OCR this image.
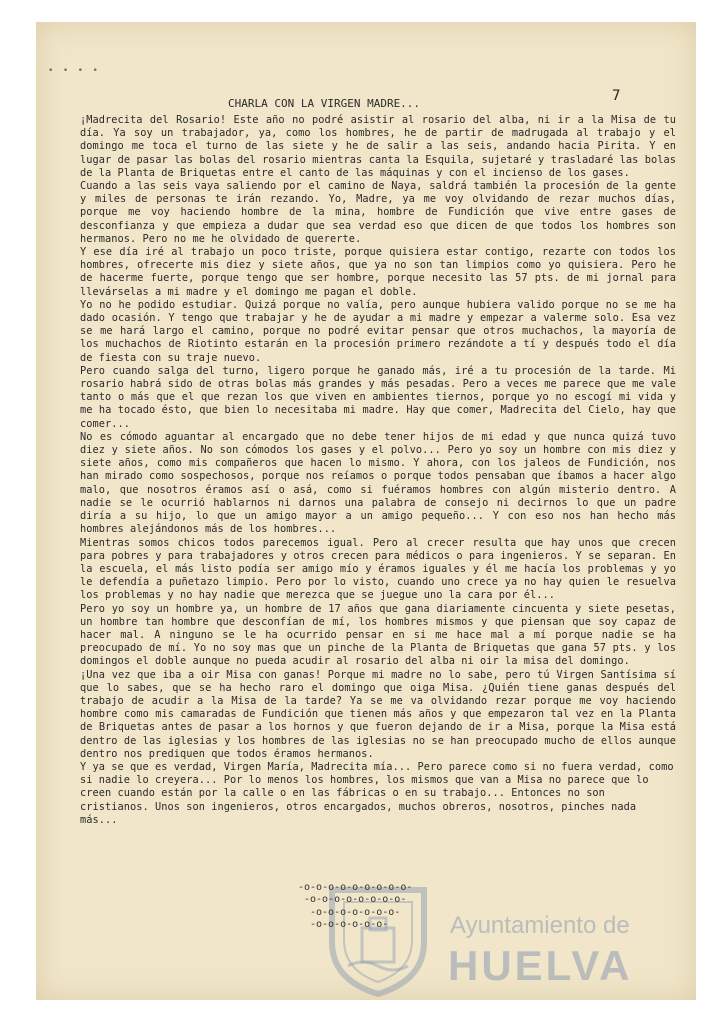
• • • •
7
CHARLA CON LA VIRGEN MADRE...

¡Madrecita del Rosario! Este año no podré asistir al rosario del alba, ni ir a la Misa de tu día. Ya soy un trabajador, ya, como los hombres, he de partir de madrugada al trabajo y el domingo me toca el turno de las siete y he de salir a las seis, andando hacia Pirita. Y en lugar de pasar las bolas del rosario mientras canta la Esquila, sujetaré y trasladaré las bolas de la Planta de Briquetas entre el canto de las máquinas y con el incienso de los gases.

Cuando a las seis vaya saliendo por el camino de Naya, saldrá también la procesión de la gente y miles de personas te irán rezando. Yo, Madre, ya me voy olvidando de rezar muchos días, porque me voy haciendo hombre de la mina, hombre de Fundición que vive entre gases de desconfianza y que empieza a dudar que sea verdad eso que dicen de que todos los hombres son hermanos. Pero no me he olvidado de quererte.

Y ese día iré al trabajo un poco triste, porque quisiera estar contigo, rezarte con todos los hombres, ofrecerte mis diez y siete años, que ya no son tan limpios como yo quisiera. Pero he de hacerme fuerte, porque tengo que ser hombre, porque necesito las 57 pts. de mi jornal para llevárselas a mi madre y el domingo me pagan el doble.

Yo no he podido estudiar. Quizá porque no valía, pero aunque hubiera valido porque no se me ha dado ocasión. Y tengo que trabajar y he de ayudar a mi madre y empezar a valerme solo. Esa vez se me hará largo el camino, porque no podré evitar pensar que otros muchachos, la mayoría de los muchachos de Riotinto estarán en la procesión primero rezándote a tí y después todo el día de fiesta con su traje nuevo.

Pero cuando salga del turno, ligero porque he ganado más, iré a tu procesión de la tarde. Mi rosario habrá sido de otras bolas más grandes y más pesadas. Pero a veces me parece que me vale tanto o más que el que rezan los que viven en ambientes tiernos, porque yo no escogí mi vida y me ha tocado ésto, que bien lo necesitaba mi madre. Hay que comer, Madrecita del Cielo, hay que comer...

No es cómodo aguantar al encargado que no debe tener hijos de mi edad y que nunca quizá tuvo diez y siete años. No son cómodos los gases y el polvo... Pero yo soy un hombre con mis diez y siete años, como mis compañeros que hacen lo mismo. Y ahora, con los jaleos de Fundición, nos han mirado como sospechosos, porque nos reíamos o porque todos pensaban que íbamos a hacer algo malo, que nosotros éramos así o asá, como si fuéramos hombres con algún misterio dentro. A nadie se le ocurrió hablarnos ni darnos una palabra de consejo ni decirnos lo que un padre diría a su hijo, lo que un amigo mayor a un amigo pequeño... Y con eso nos han hecho más hombres alejándonos más de los hombres...

Mientras somos chicos todos parecemos igual. Pero al crecer resulta que hay unos que crecen para pobres y para trabajadores y otros crecen para médicos o para ingenieros. Y se separan. En la escuela, el más listo podía ser amigo mío y éramos iguales y él me hacía los problemas y yo le defendía a puñetazo limpio. Pero por lo visto, cuando uno crece ya no hay quien le resuelva los problemas y no hay nadie que merezca que se juegue uno la cara por él...

Pero yo soy un hombre ya, un hombre de 17 años que gana diariamente cincuenta y siete pesetas, un hombre tan hombre que desconfían de mí, los hombres mismos y que piensan que soy capaz de hacer mal. A ninguno se le ha ocurrido pensar en si me hace mal a mí porque nadie se ha preocupado de mí. Yo no soy mas que un pinche de la Planta de Briquetas que gana 57 pts. y los domingos el doble aunque no pueda acudir al rosario del alba ni oir la misa del domingo.

¡Una vez que iba a oir Misa con ganas! Porque mi madre no lo sabe, pero tú Virgen Santísima sí que lo sabes, que se ha hecho raro el domingo que oiga Misa. ¿Quién tiene ganas después del trabajo de acudir a la Misa de la tarde? Ya se me va olvidando rezar porque me voy haciendo hombre como mis camaradas de Fundición que tienen más años y que empezaron tal vez en la Planta de Briquetas antes de pasar a los hornos y que fueron dejando de ir a Misa, porque la Misa está dentro de las iglesias y los hombres de las iglesias no se han preocupado mucho de ellos aunque dentro nos prediquen que todos éramos hermanos.

Y ya se que es verdad, Virgen María, Madrecita mía... Pero parece como si no fuera verdad, como si nadie lo creyera... Por lo menos los hombres, los mismos que van a Misa no parece que lo creen cuando están por la calle o en las fábricas o en su trabajo... Entonces no son cristianos. Unos son ingenieros, otros encargados, muchos obreros, nosotros, pinches nada más...

Ayuntamiento de
HUELVA
-o-o-o-o-o-o-o-o-o-
-o-o-o-o-o-o-o-o-
-o-o-o-o-o-o-o-
-o-o-o-o-o-o-
